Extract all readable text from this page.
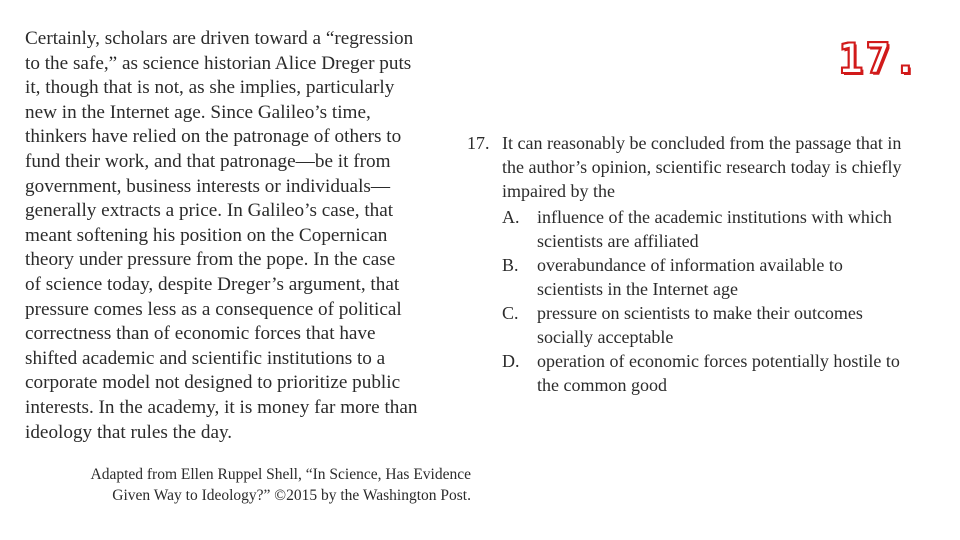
Certainly, scholars are driven toward a “regression
to the safe,” as science historian Alice Dreger puts
it, though that is not, as she implies, particularly
new in the Internet age. Since Galileo’s time,
thinkers have relied on the patronage of others to
fund their work, and that patronage—be it from
government, business interests or individuals—
generally extracts a price. In Galileo’s case, that
meant softening his position on the Copernican
theory under pressure from the pope. In the case
of science today, despite Dreger’s argument, that
pressure comes less as a consequence of political
correctness than of economic forces that have
shifted academic and scientific institutions to a
corporate model not designed to prioritize public
interests. In the academy, it is money far more than
ideology that rules the day.
Adapted from Ellen Ruppel Shell, “In Science, Has Evidence
Given Way to Ideology?” ©2015 by the Washington Post.
17.
17. It can reasonably be concluded from the passage that in
the author’s opinion, scientific research today is chiefly
impaired by the
A. influence of the academic institutions with which
scientists are affiliated
B. overabundance of information available to
scientists in the Internet age
C. pressure on scientists to make their outcomes
socially acceptable
D. operation of economic forces potentially hostile to
the common good
